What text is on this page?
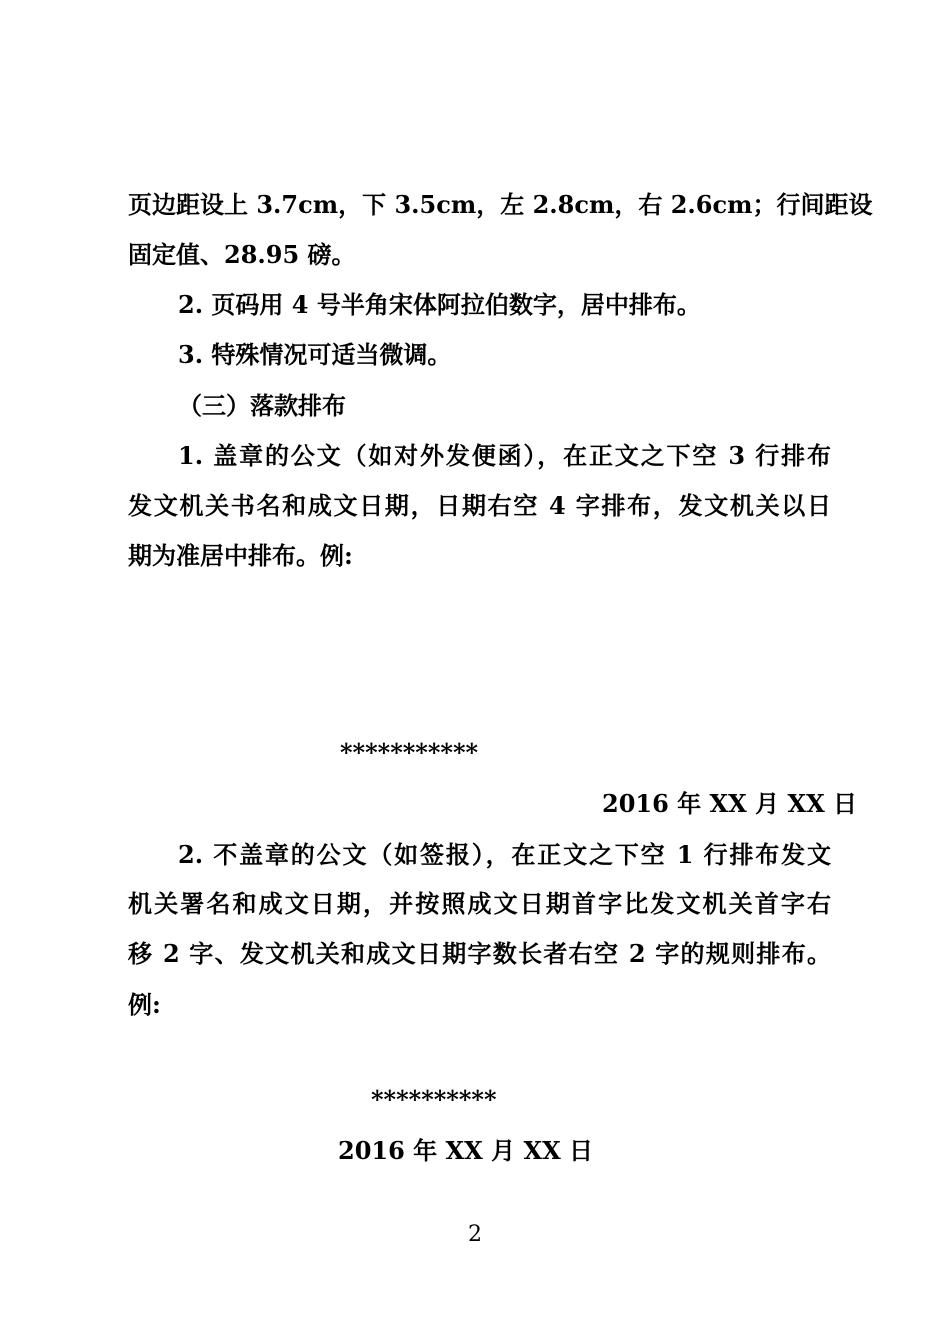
页边距设上 3.7cm，下 3.5cm，左 2.8cm，右 2.6cm；行间距设
固定值、28.95 磅。
2. 页码用 4 号半角宋体阿拉伯数字，居中排布。
3. 特殊情况可适当微调。
（三）落款排布
1. 盖章的公文（如对外发便函），在正文之下空 3 行排布
发文机关书名和成文日期，日期右空 4 字排布，发文机关以日
期为准居中排布。例:
***********
2016 年 XX 月 XX 日
2. 不盖章的公文（如签报），在正文之下空 1 行排布发文
机关署名和成文日期，并按照成文日期首字比发文机关首字右
移 2 字、发文机关和成文日期字数长者右空 2 字的规则排布。
例:
**********
2016 年 XX 月 XX 日
2
